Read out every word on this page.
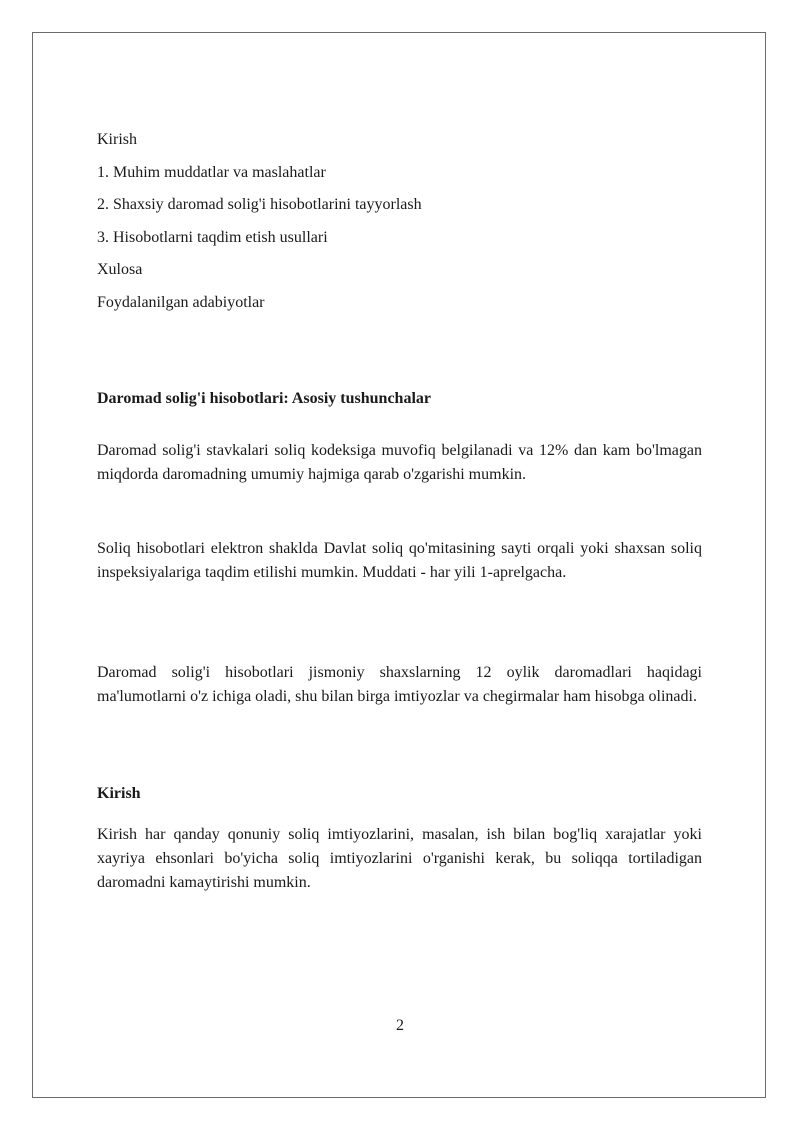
Kirish
1. Muhim muddatlar va maslahatlar
2. Shaxsiy daromad solig'i hisobotlarini tayyorlash
3. Hisobotlarni taqdim etish usullari
Xulosa
Foydalanilgan adabiyotlar
Daromad solig'i hisobotlari: Asosiy tushunchalar
Daromad solig'i stavkalari soliq kodeksiga muvofiq belgilanadi va 12% dan kam bo'lmagan miqdorda daromadning umumiy hajmiga qarab o'zgarishi mumkin.
Soliq hisobotlari elektron shaklda Davlat soliq qo'mitasining sayti orqali yoki shaxsan soliq inspeksiyalariga taqdim etilishi mumkin. Muddati - har yili 1-aprelgacha.
Daromad solig'i hisobotlari jismoniy shaxslarning 12 oylik daromadlari haqidagi ma'lumotlarni o'z ichiga oladi, shu bilan birga imtiyozlar va chegirmalar ham hisobga olinadi.
Kirish
Kirish har qanday qonuniy soliq imtiyozlarini, masalan, ish bilan bog'liq xarajatlar yoki xayriya ehsonlari bo'yicha soliq imtiyozlarini o'rganishi kerak, bu soliqqa tortiladigan daromadni kamaytirishi mumkin.
2
